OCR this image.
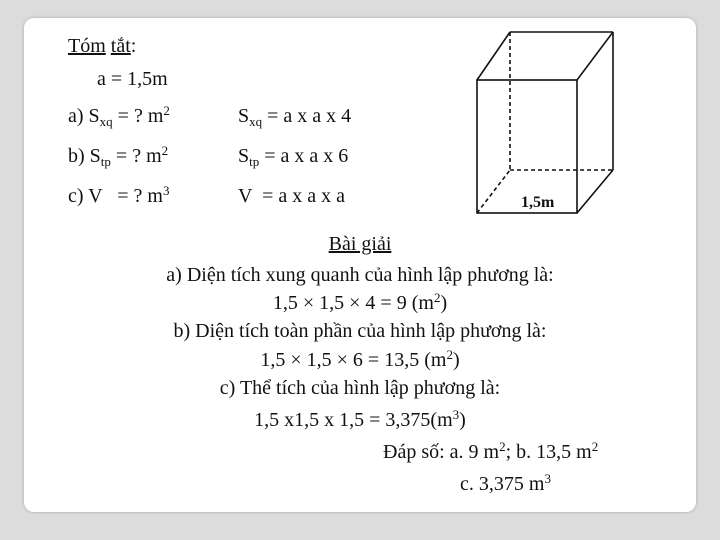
Tóm tắt:
a = 1,5m
a) $S_{xq}$ = ? $m^2$
b) $S_{tp}$ = ? $m^2$
c) V   = ? $m^3$
$S_{xq} = a$ x a x 4
$S_{tp} = a$ x a x 6
V  = a x a x a	1,5m
Bài giải
a) Diện tích xung quanh của hình lập phương là:
1,5 × 1,5 × 4 = 9 $(m^2)$
b) Diện tích toàn phần của hình lập phương là:
1,5 × 1,5 × 6 = 13,5 $(m^2)$
c) Thể tích của hình lập phương là:
1,5 x1,5 x $1,5 = 3,375(m^3)$
Đáp số: a. 9 $m^2$; b. 13,5 $m^2$
c. 3,375 $m^3$
